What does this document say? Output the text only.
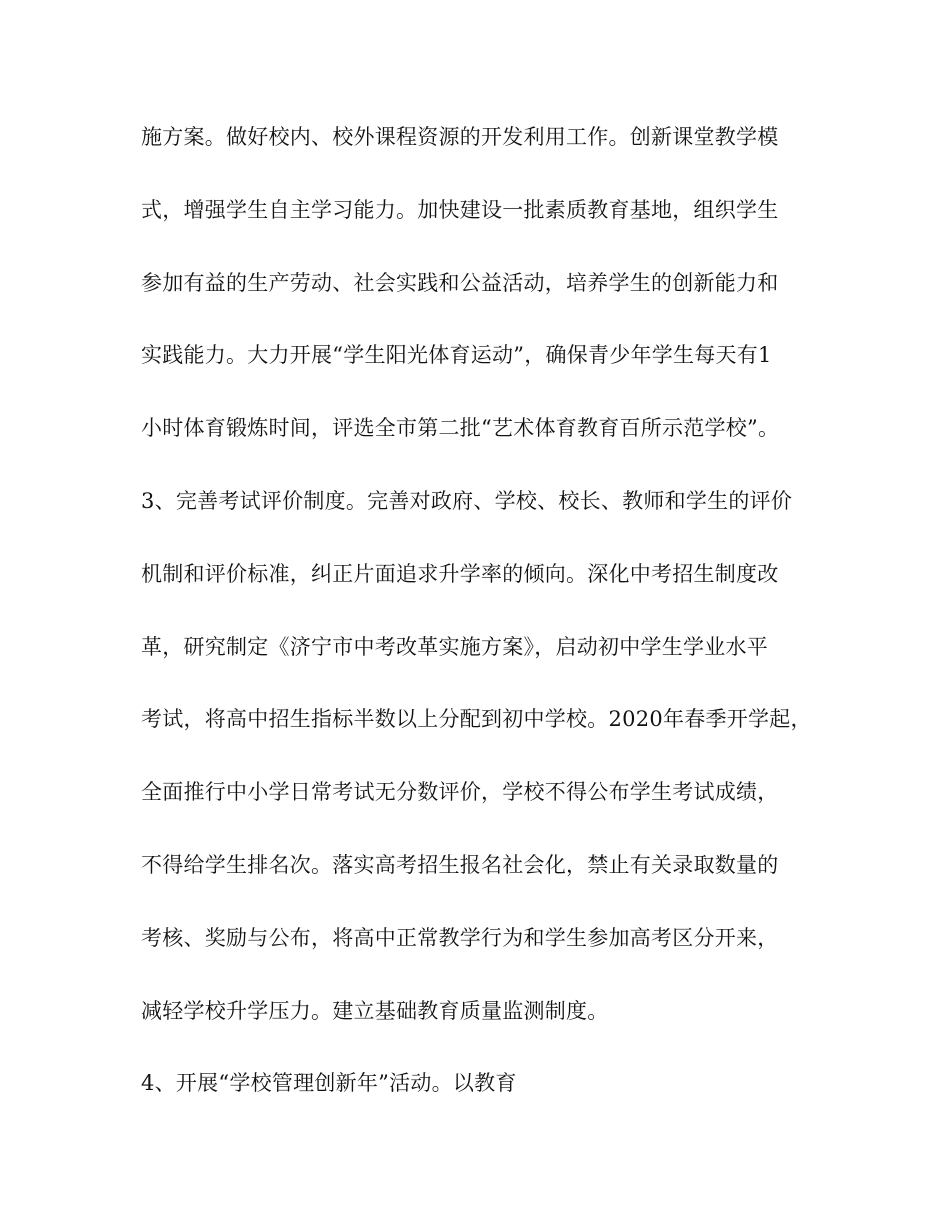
施方案。做好校内、校外课程资源的开发利用工作。创新课堂教学模

式，增强学生自主学习能力。加快建设一批素质教育基地，组织学生

参加有益的生产劳动、社会实践和公益活动，培养学生的创新能力和

实践能力。大力开展“学生阳光体育运动”，确保青少年学生每天有1

小时体育锻炼时间，评选全市第二批“艺术体育教育百所示范学校”。

3、完善考试评价制度。完善对政府、学校、校长、教师和学生的评价

机制和评价标准，纠正片面追求升学率的倾向。深化中考招生制度改

革，研究制定《济宁市中考改革实施方案》，启动初中学生学业水平

考试，将高中招生指标半数以上分配到初中学校。2020年春季开学起，

全面推行中小学日常考试无分数评价，学校不得公布学生考试成绩，

不得给学生排名次。落实高考招生报名社会化，禁止有关录取数量的

考核、奖励与公布，将高中正常教学行为和学生参加高考区分开来，

减轻学校升学压力。建立基础教育质量监测制度。

4、开展“学校管理创新年”活动。以教育
